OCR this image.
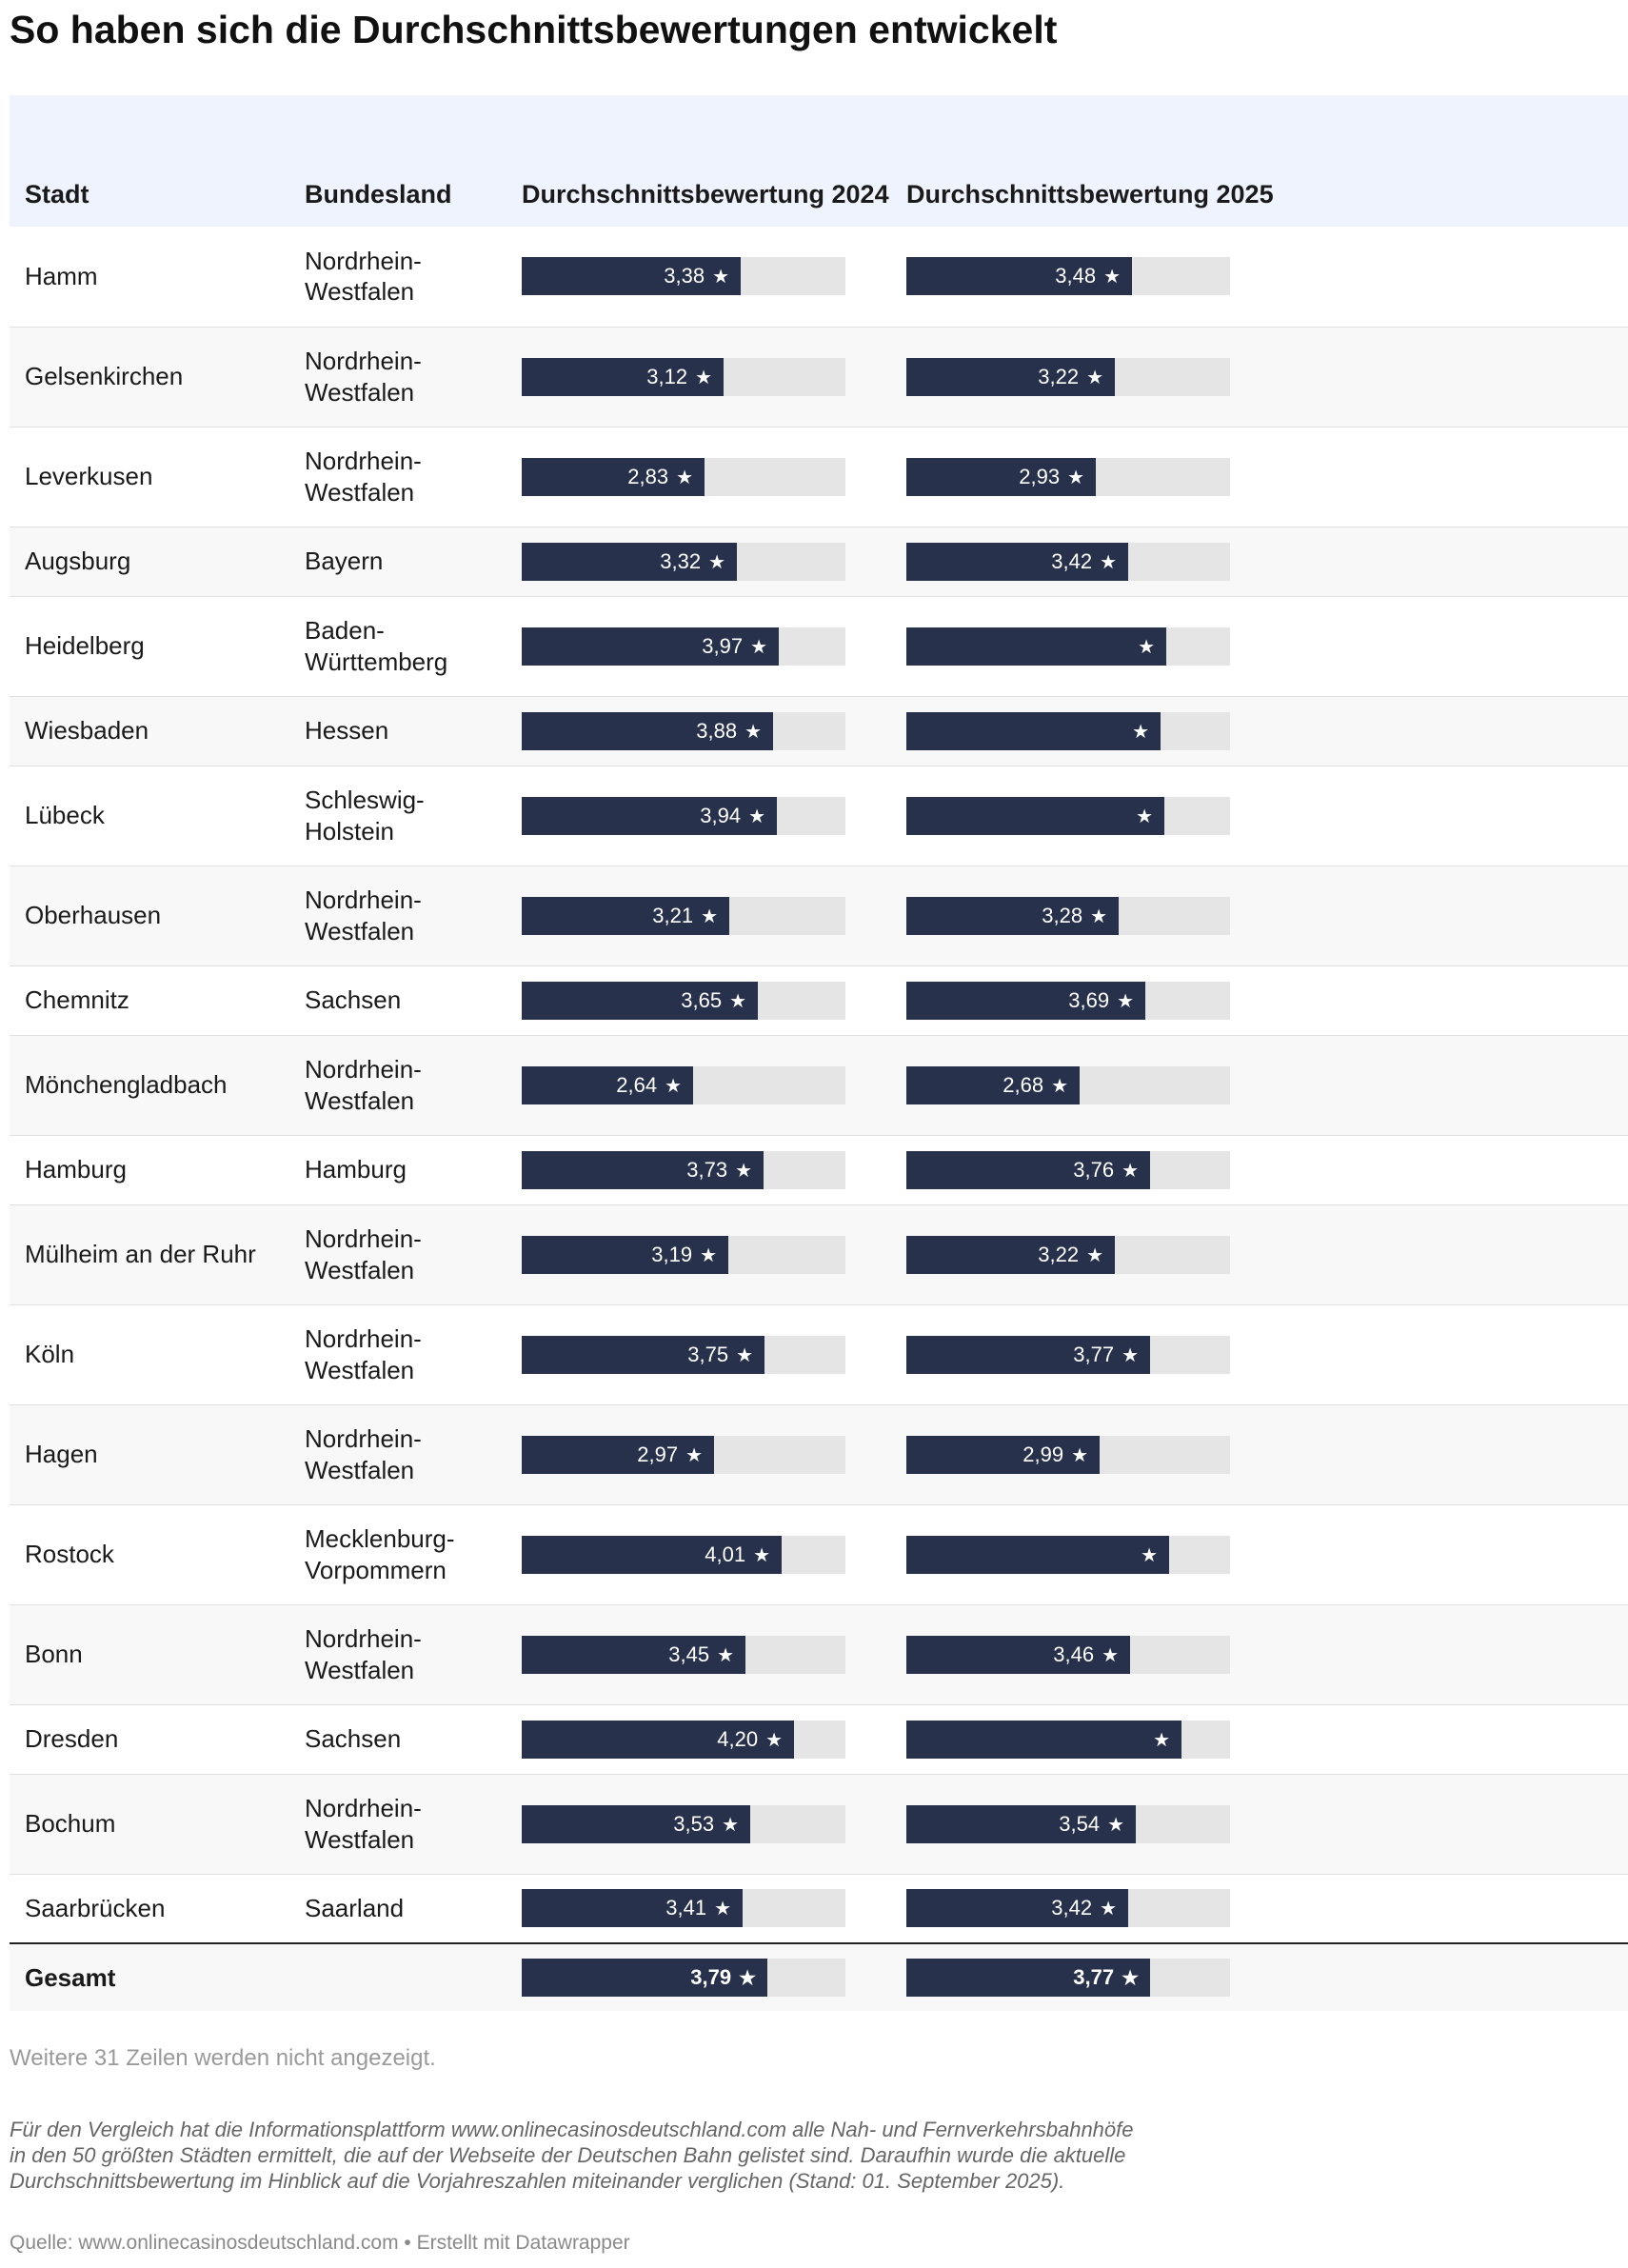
So haben sich die Durchschnittsbewertungen entwickelt
Stadt	Bundesland	Durchschnittsbewertung 2024	Durchschnittsbewertung 2025	
Hamm	Nordrhein-Westfalen	3,38 ★	3,48 ★	

Gelsenkirchen	Nordrhein-Westfalen	3,12 ★	3,22 ★	

Leverkusen	Nordrhein-Westfalen	2,83 ★	2,93 ★	

Augsburg	Bayern	3,32 ★	3,42 ★	

Heidelberg	Baden-Württemberg	3,97 ★	★	

Wiesbaden	Hessen	3,88 ★	★	

Lübeck	Schleswig-Holstein	3,94 ★	★	

Oberhausen	Nordrhein-Westfalen	3,21 ★	3,28 ★	

Chemnitz	Sachsen	3,65 ★	3,69 ★	

Mönchengladbach	Nordrhein-Westfalen	2,64 ★	2,68 ★	

Hamburg	Hamburg	3,73 ★	3,76 ★	

Mülheim an der Ruhr	Nordrhein-Westfalen	3,19 ★	3,22 ★	

Köln	Nordrhein-Westfalen	3,75 ★	3,77 ★	

Hagen	Nordrhein-Westfalen	2,97 ★	2,99 ★	

Rostock	Mecklenburg-Vorpommern	4,01 ★	★	

Bonn	Nordrhein-Westfalen	3,45 ★	3,46 ★	

Dresden	Sachsen	4,20 ★	★	

Bochum	Nordrhein-Westfalen	3,53 ★	3,54 ★	

Saarbrücken	Saarland	3,41 ★	3,42 ★	

Gesamt		3,79 ★	3,77 ★	

Weitere 31 Zeilen werden nicht angezeigt.
Für den Vergleich hat die Informationsplattform www.onlinecasinosdeutschland.com alle Nah- und Fernverkehrsbahnhöfe in den 50 größten Städten ermittelt, die auf der Webseite der Deutschen Bahn gelistet sind. Daraufhin wurde die aktuelle Durchschnittsbewertung im Hinblick auf die Vorjahreszahlen miteinander verglichen (Stand: 01. September 2025).
Quelle: www.onlinecasinosdeutschland.com • Erstellt mit Datawrapper
